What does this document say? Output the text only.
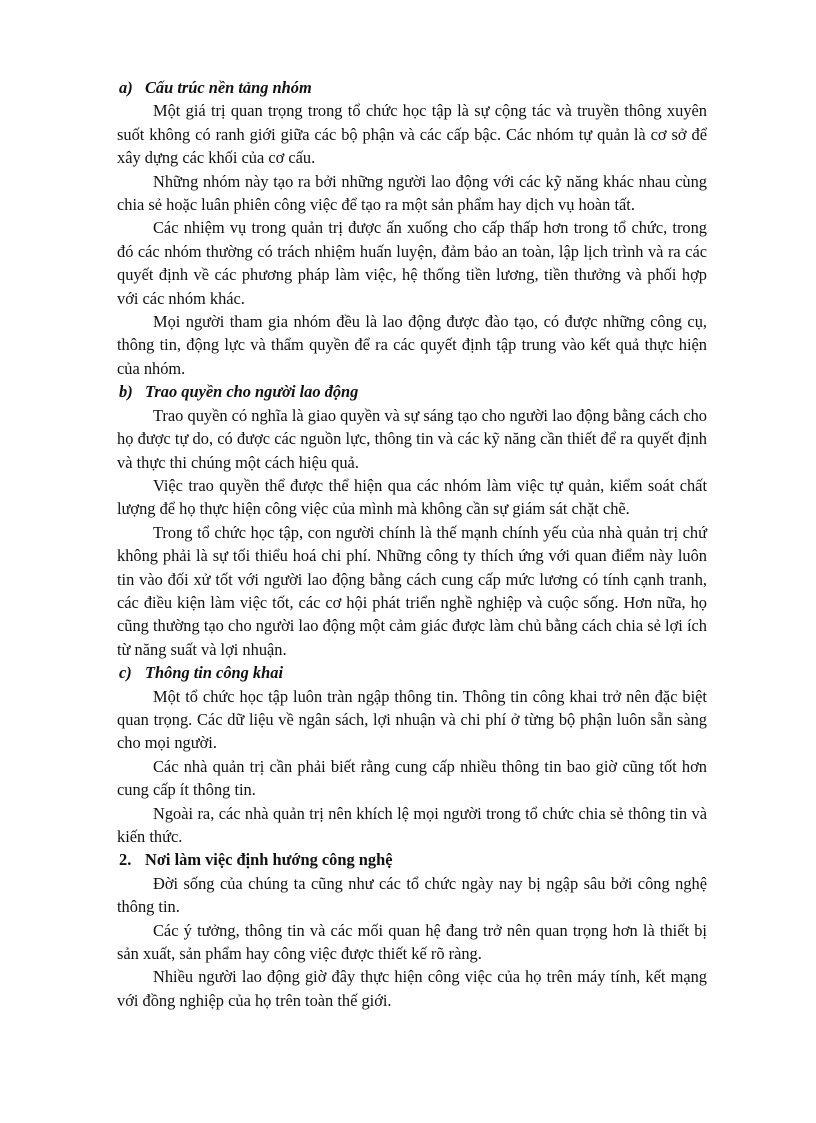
a) Cấu trúc nền tảng nhóm

Một giá trị quan trọng trong tổ chức học tập là sự cộng tác và truyền thông xuyên suốt không có ranh giới giữa các bộ phận và các cấp bậc. Các nhóm tự quản là cơ sở để xây dựng các khối của cơ cấu.

Những nhóm này tạo ra bởi những người lao động với các kỹ năng khác nhau cùng chia sẻ hoặc luân phiên công việc để tạo ra một sản phẩm hay dịch vụ hoàn tất.

Các nhiệm vụ trong quản trị được ấn xuống cho cấp thấp hơn trong tổ chức, trong đó các nhóm thường có trách nhiệm huấn luyện, đảm bảo an toàn, lập lịch trình và ra các quyết định về các phương pháp làm việc, hệ thống tiền lương, tiền thưởng và phối hợp với các nhóm khác.

Mọi người tham gia nhóm đều là lao động được đào tạo, có được những công cụ, thông tin, động lực và thẩm quyền để ra các quyết định tập trung vào kết quả thực hiện của nhóm.

b) Trao quyền cho người lao động

Trao quyền có nghĩa là giao quyền và sự sáng tạo cho người lao động bằng cách cho họ được tự do, có được các nguồn lực, thông tin và các kỹ năng cần thiết để ra quyết định và thực thi chúng một cách hiệu quả.

Việc trao quyền thể được thể hiện qua các nhóm làm việc tự quản, kiểm soát chất lượng để họ thực hiện công việc của mình mà không cần sự giám sát chặt chẽ.

Trong tổ chức học tập, con người chính là thế mạnh chính yếu của nhà quản trị chứ không phải là sự tối thiểu hoá chi phí. Những công ty thích ứng với quan điểm này luôn tin vào đối xử tốt với người lao động bằng cách cung cấp mức lương có tính cạnh tranh, các điều kiện làm việc tốt, các cơ hội phát triển nghề nghiệp và cuộc sống. Hơn nữa, họ cũng thường tạo cho người lao động một cảm giác được làm chủ bằng cách chia sẻ lợi ích từ năng suất và lợi nhuận.

c) Thông tin công khai

Một tổ chức học tập luôn tràn ngập thông tin. Thông tin công khai trở nên đặc biệt quan trọng. Các dữ liệu về ngân sách, lợi nhuận và chi phí ở từng bộ phận luôn sẵn sàng cho mọi người.

Các nhà quản trị cần phải biết rằng cung cấp nhiều thông tin bao giờ cũng tốt hơn cung cấp ít thông tin.

Ngoài ra, các nhà quản trị nên khích lệ mọi người trong tổ chức chia sẻ thông tin và kiến thức.

2. Nơi làm việc định hướng công nghệ

Đời sống của chúng ta cũng như các tổ chức ngày nay bị ngập sâu bởi công nghệ thông tin.

Các ý tưởng, thông tin và các mối quan hệ đang trở nên quan trọng hơn là thiết bị sản xuất, sản phẩm hay công việc được thiết kế rõ ràng.

Nhiều người lao động giờ đây thực hiện công việc của họ trên máy tính, kết mạng với đồng nghiệp của họ trên toàn thế giới.
